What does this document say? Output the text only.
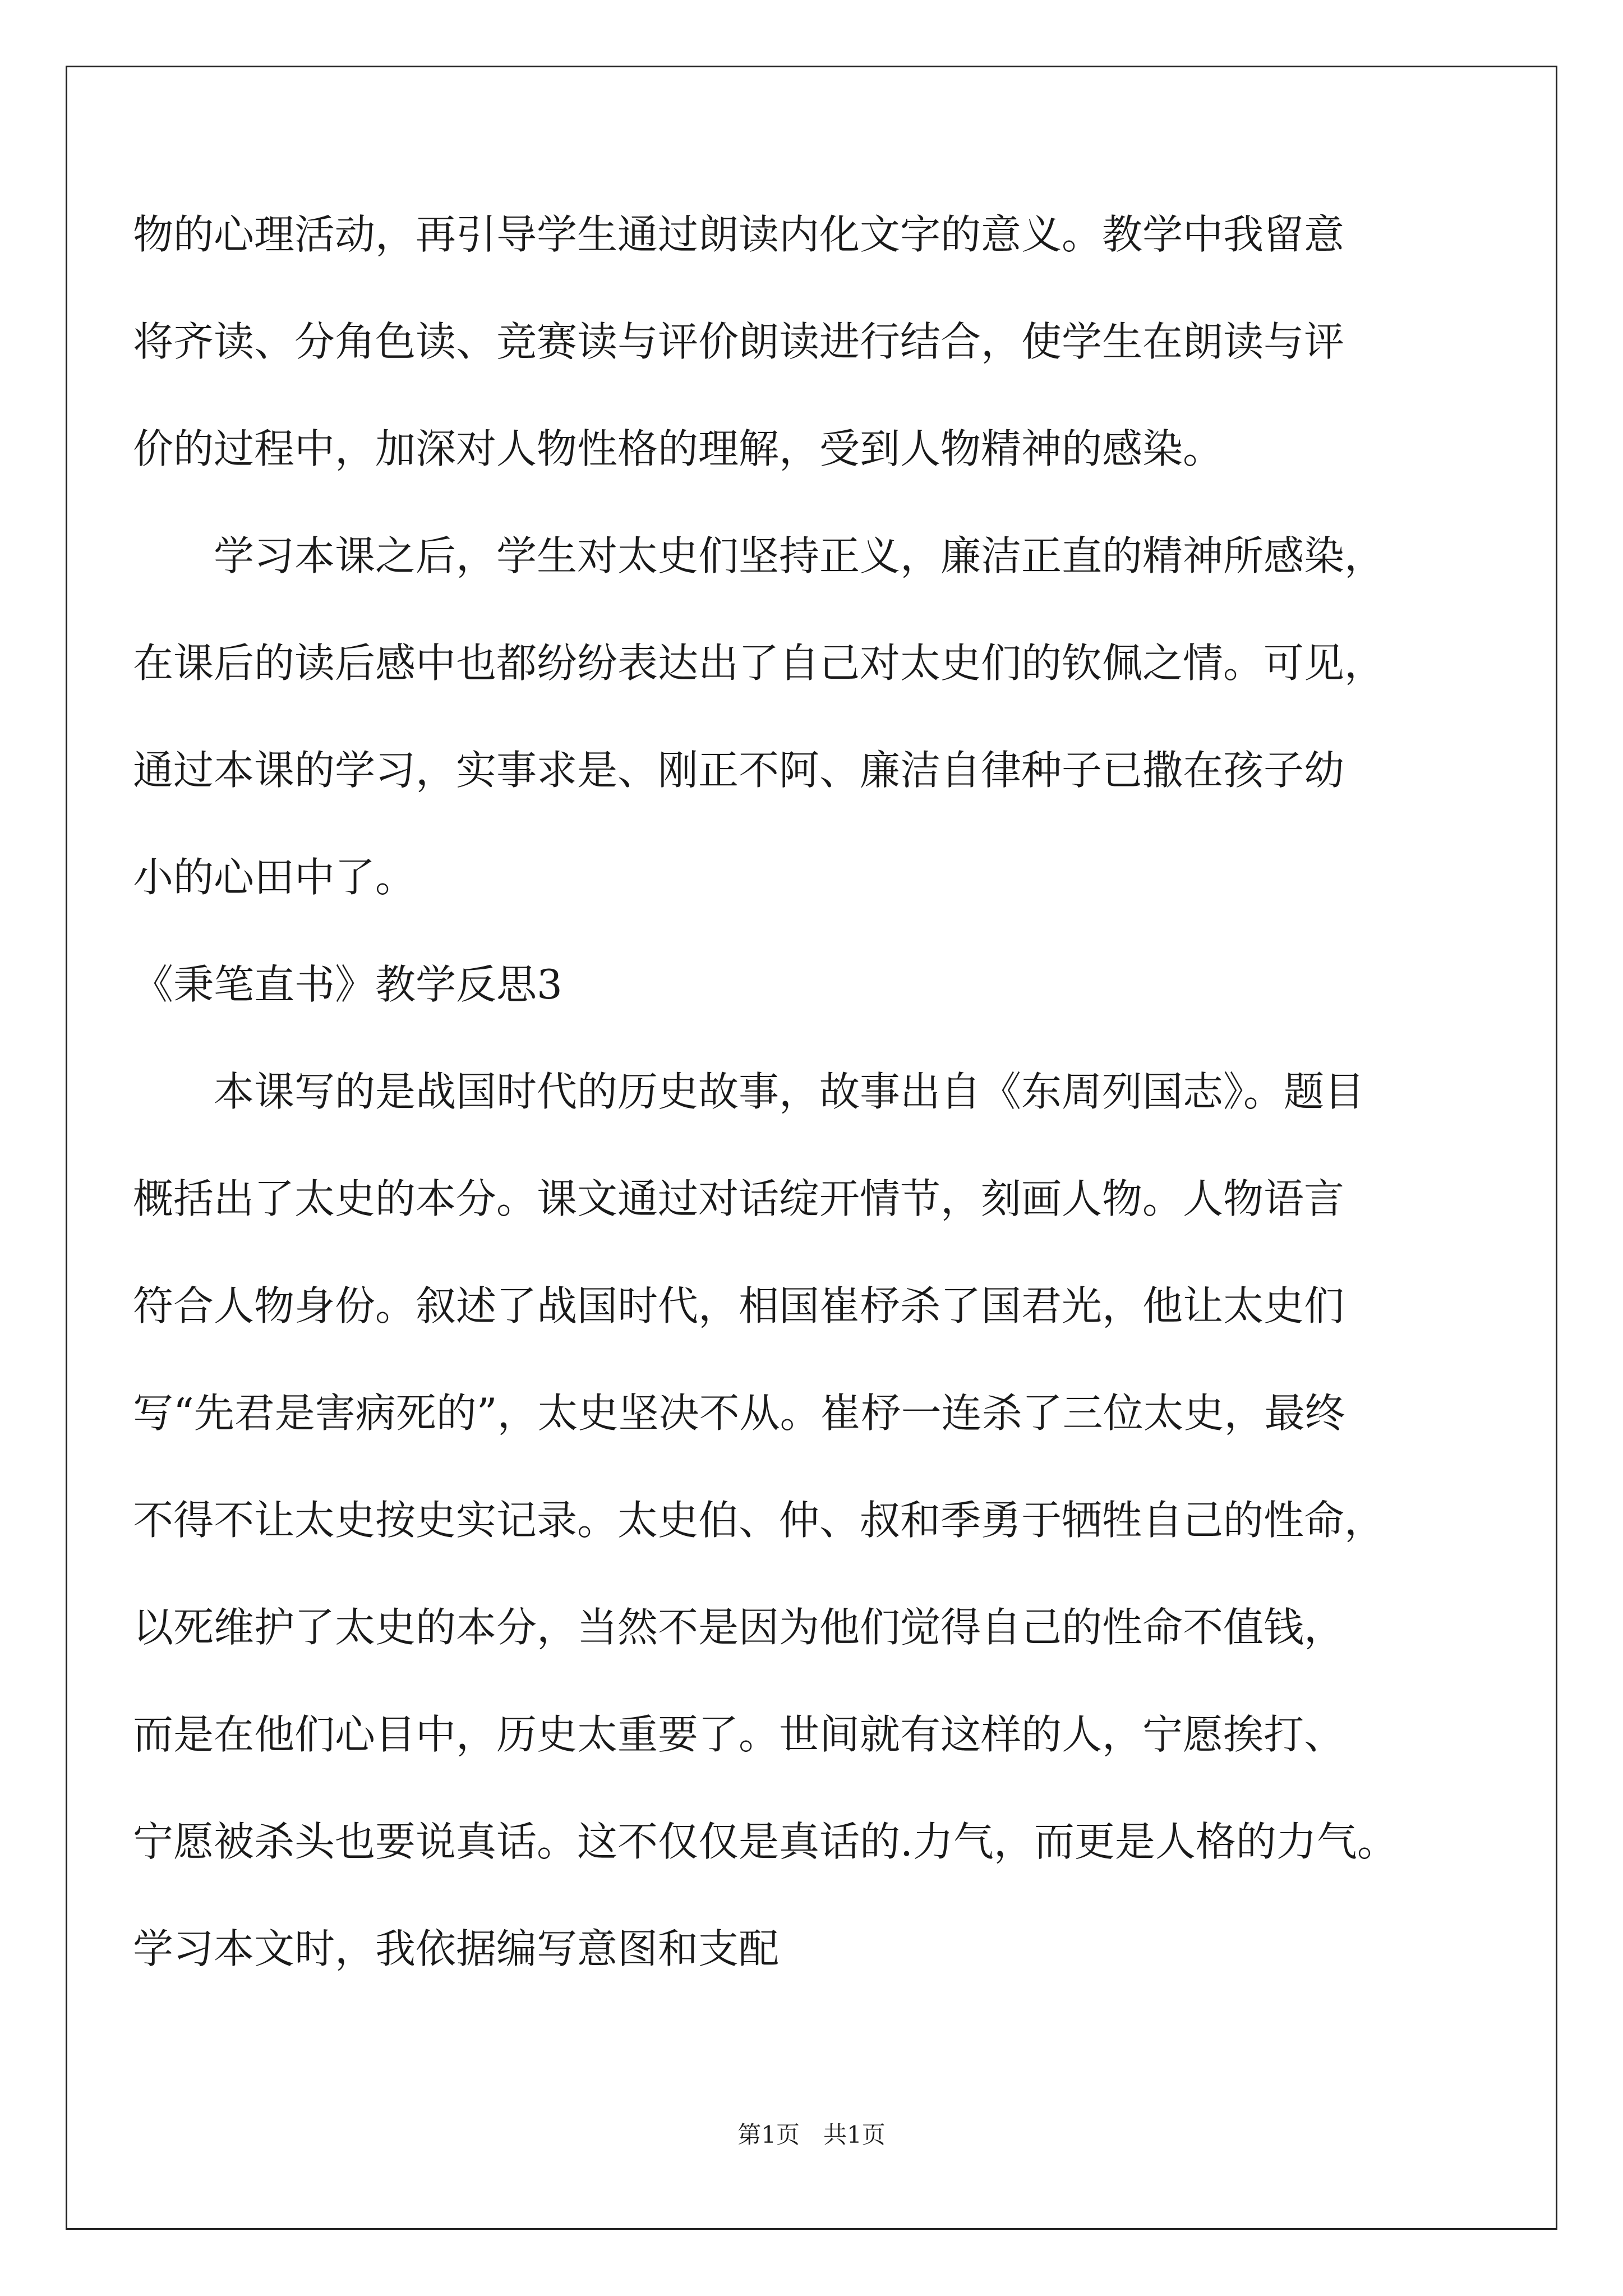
物的心理活动，再引导学生通过朗读内化文字的意义。教学中我留意
将齐读、分角色读、竞赛读与评价朗读进行结合，使学生在朗读与评
价的过程中，加深对人物性格的理解，受到人物精神的感染。
学习本课之后，学生对太史们坚持正义，廉洁正直的精神所感染，
在课后的读后感中也都纷纷表达出了自己对太史们的钦佩之情。可见，
通过本课的学习，实事求是、刚正不阿、廉洁自律种子已撒在孩子幼
小的心田中了。
《秉笔直书》教学反思3
本课写的是战国时代的历史故事，故事出自《东周列国志》。题目
概括出了太史的本分。课文通过对话绽开情节，刻画人物。人物语言
符合人物身份。叙述了战国时代，相国崔杼杀了国君光，他让太史们
写“先君是害病死的”，太史坚决不从。崔杼一连杀了三位太史，最终
不得不让太史按史实记录。太史伯、仲、叔和季勇于牺牲自己的性命，
以死维护了太史的本分，当然不是因为他们觉得自己的性命不值钱，
而是在他们心目中，历史太重要了。世间就有这样的人，宁愿挨打、
宁愿被杀头也要说真话。这不仅仅是真话的.力气，而更是人格的力气。
学习本文时，我依据编写意图和支配
第1页　共1页
